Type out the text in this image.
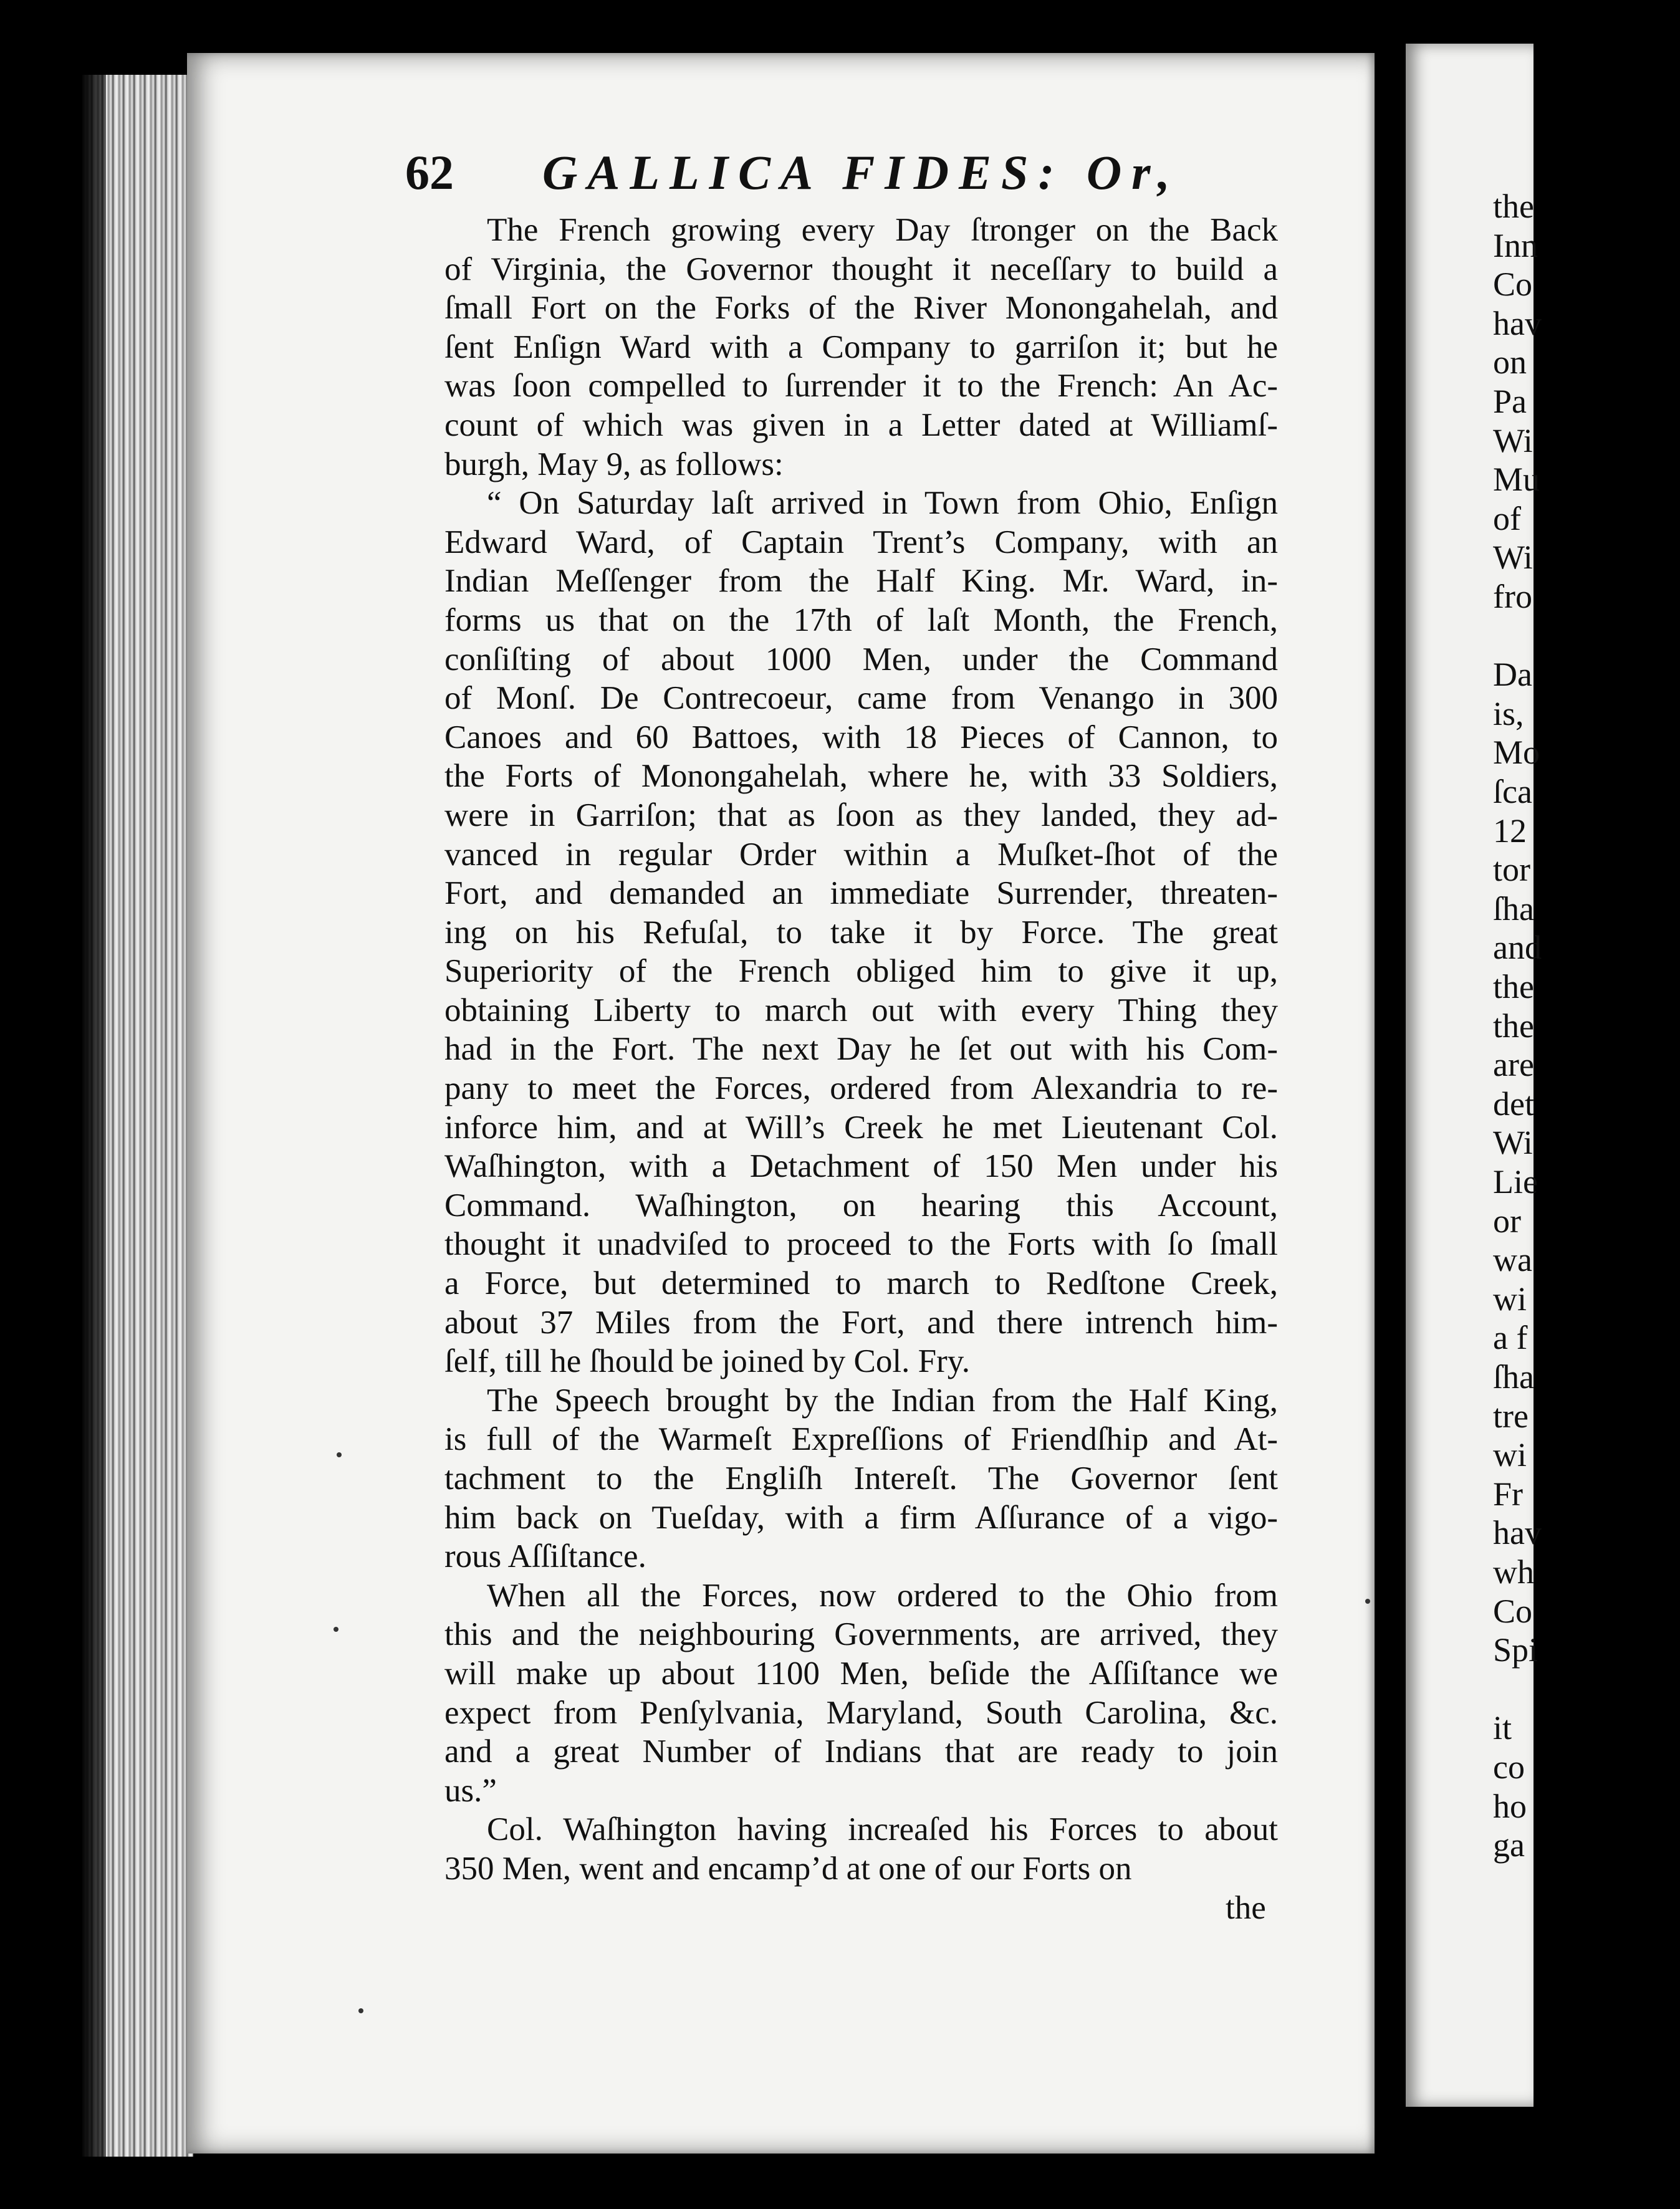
62 GALLICA FIDES: Or,
The French growing every Day ſtronger on the Back
of Virginia, the Governor thought it neceſſary to build a
ſmall Fort on the Forks of the River Monongahelah, and
ſent Enſign Ward with a Company to garriſon it; but he
was ſoon compelled to ſurrender it to the French: An Ac-
count of which was given in a Letter dated at Williamſ-
burgh, May 9, as follows:
“ On Saturday laſt arrived in Town from Ohio, Enſign
Edward Ward, of Captain Trent’s Company, with an
Indian Meſſenger from the Half King. Mr. Ward, in-
forms us that on the 17th of laſt Month, the French,
conſiſting of about 1000 Men, under the Command
of Monſ. De Contrecoeur, came from Venango in 300
Canoes and 60 Battoes, with 18 Pieces of Cannon, to
the Forts of Monongahelah, where he, with 33 Soldiers,
were in Garriſon; that as ſoon as they landed, they ad-
vanced in regular Order within a Muſket-ſhot of the
Fort, and demanded an immediate Surrender, threaten-
ing on his Refuſal, to take it by Force. The great
Superiority of the French obliged him to give it up,
obtaining Liberty to march out with every Thing they
had in the Fort. The next Day he ſet out with his Com-
pany to meet the Forces, ordered from Alexandria to re-
inforce him, and at Will’s Creek he met Lieutenant Col.
Waſhington, with a Detachment of 150 Men under his
Command. Waſhington, on hearing this Account,
thought it unadviſed to proceed to the Forts with ſo ſmall
a Force, but determined to march to Redſtone Creek,
about 37 Miles from the Fort, and there intrench him-
ſelf, till he ſhould be joined by Col. Fry.
The Speech brought by the Indian from the Half King,
is full of the Warmeſt Expreſſions of Friendſhip and At-
tachment to the Engliſh Intereſt. The Governor ſent
him back on Tueſday, with a firm Aſſurance of a vigo-
rous Aſſiſtance.
When all the Forces, now ordered to the Ohio from
this and the neighbouring Governments, are arrived, they
will make up about 1100 Men, beſide the Aſſiſtance we
expect from Penſylvania, Maryland, South Carolina, &c.
and a great Number of Indians that are ready to join
us.”
Col. Waſhington having increaſed his Forces to about
350 Men, went and encamp’d at one of our Forts on
the
the
Inn
Co
hav
on
Pa
Wi
Mu
of
Wi
fro
Da
is,
Mo
ſca
12
tor
ſha
and
the
the
are
det
Wi
Lie
or
wa
wi
a f
ſha
tre
wi
Fr
hav
wh
Co
Spi
it
co
ho
ga
